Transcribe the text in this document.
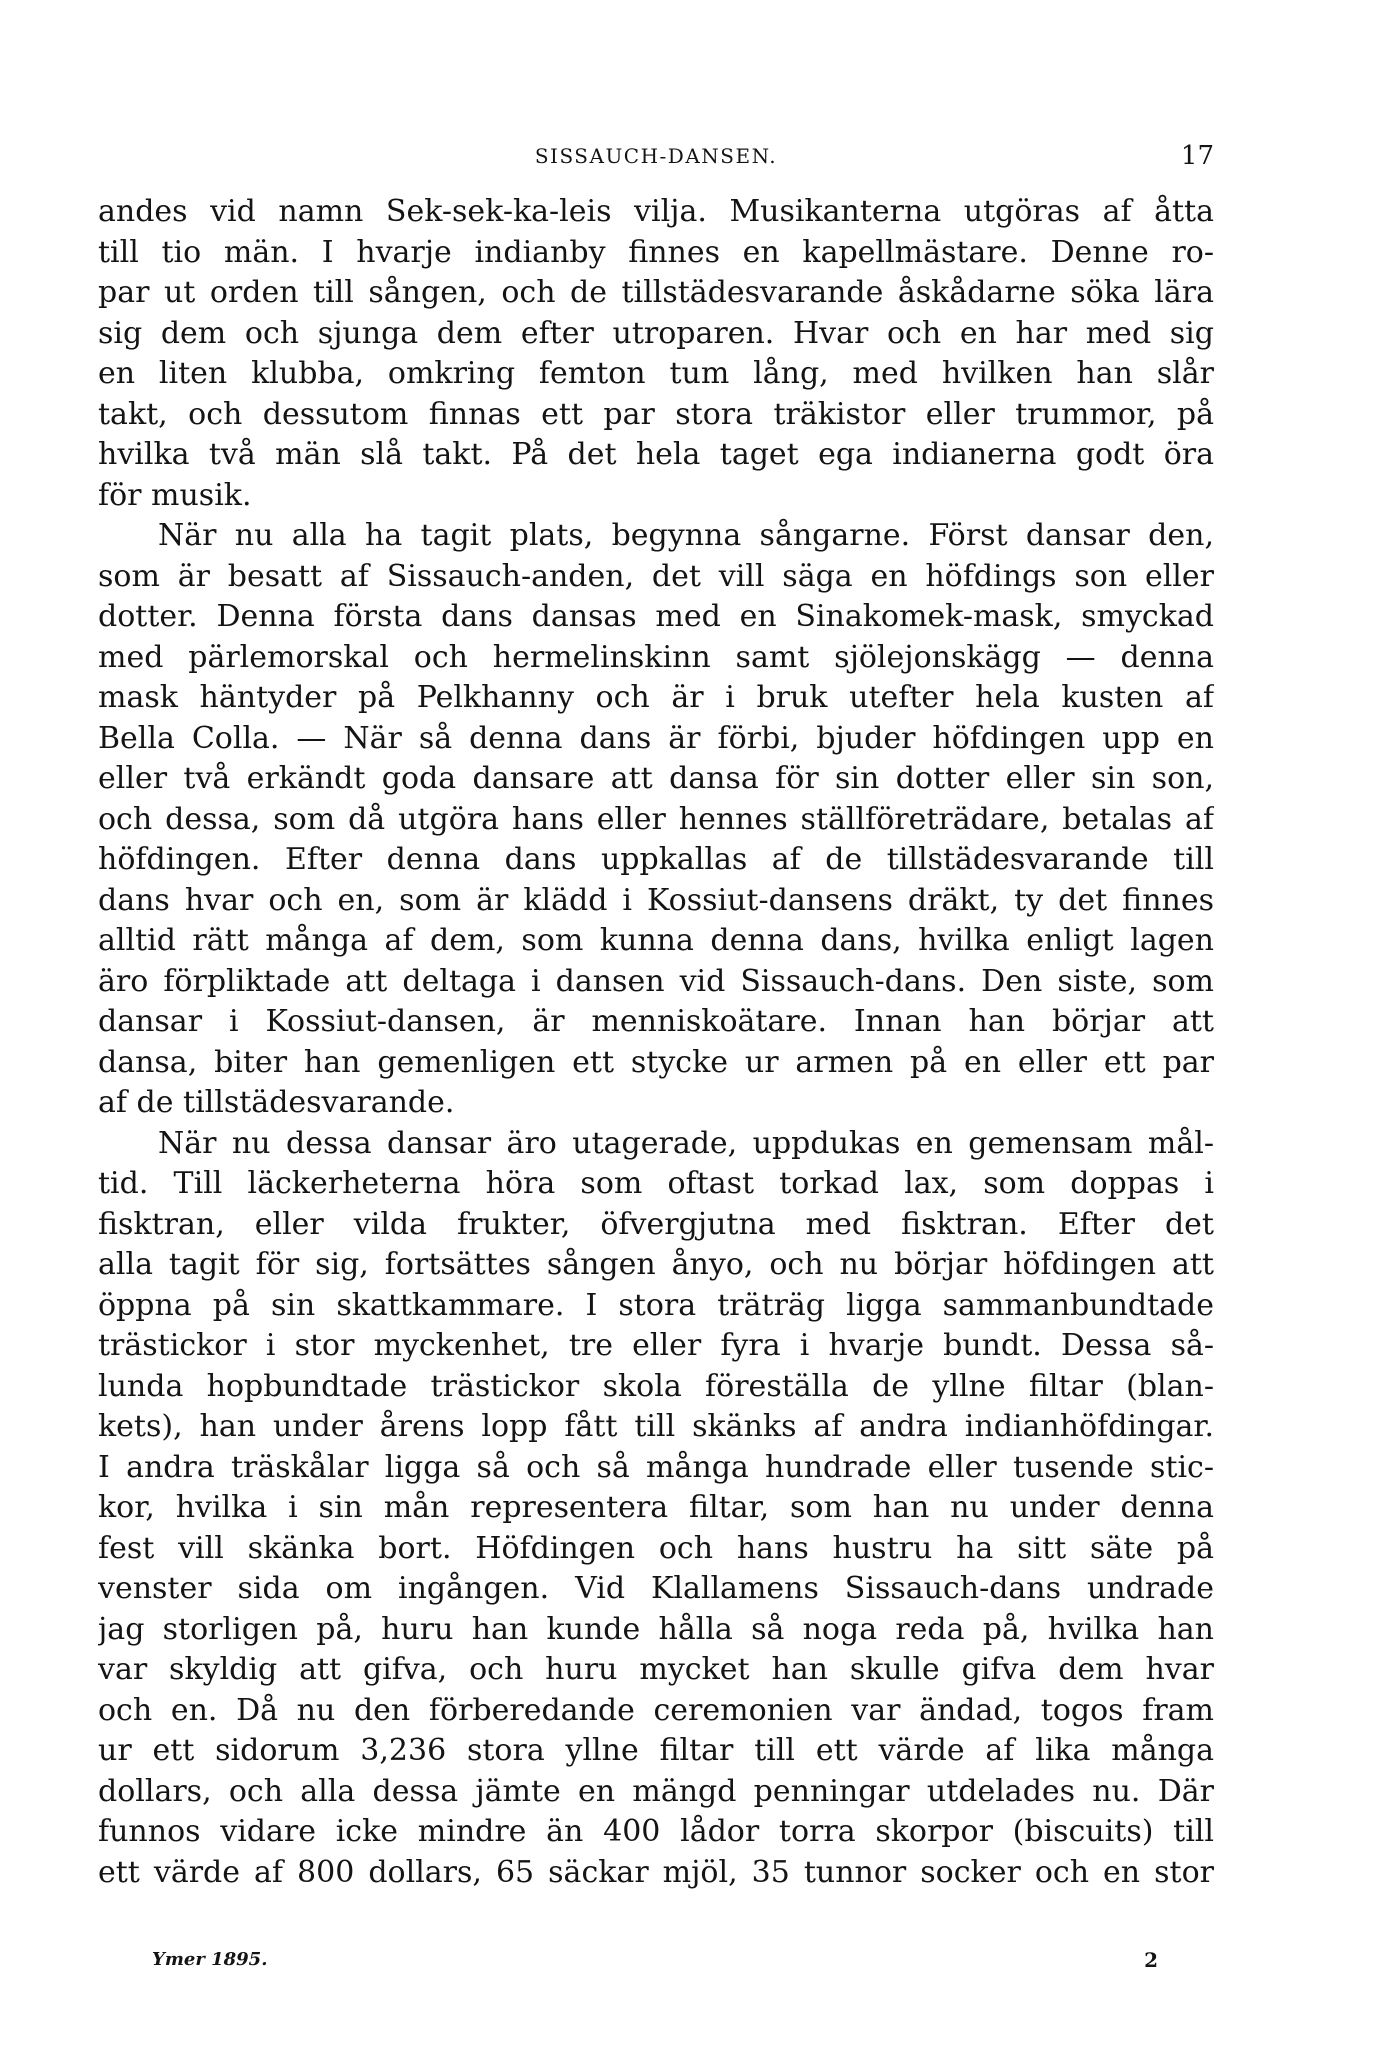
SISSAUCH-DANSEN.	17
andes vid namn Sek-sek-ka-leis vilja. Musikanterna utgöras af åtta
till tio män. I hvarje indianby finnes en kapellmästare. Denne ro-
par ut orden till sången, och de tillstädesvarande åskådarne söka lära
sig dem och sjunga dem efter utroparen. Hvar och en har med sig
en liten klubba, omkring femton tum lång, med hvilken han slår
takt, och dessutom finnas ett par stora träkistor eller trummor, på
hvilka två män slå takt. På det hela taget ega indianerna godt öra
för musik.
När nu alla ha tagit plats, begynna sångarne. Först dansar den,
som är besatt af Sissauch-anden, det vill säga en höfdings son eller
dotter. Denna första dans dansas med en Sinakomek-mask, smyckad
med pärlemorskal och hermelinskinn samt sjölejonskägg — denna
mask häntyder på Pelkhanny och är i bruk utefter hela kusten af
Bella Colla. — När så denna dans är förbi, bjuder höfdingen upp en
eller två erkändt goda dansare att dansa för sin dotter eller sin son,
och dessa, som då utgöra hans eller hennes ställföreträdare, betalas af
höfdingen. Efter denna dans uppkallas af de tillstädesvarande till
dans hvar och en, som är klädd i Kossiut-dansens dräkt, ty det finnes
alltid rätt många af dem, som kunna denna dans, hvilka enligt lagen
äro förpliktade att deltaga i dansen vid Sissauch-dans. Den siste, som
dansar i Kossiut-dansen, är menniskoätare. Innan han börjar att
dansa, biter han gemenligen ett stycke ur armen på en eller ett par
af de tillstädesvarande.
När nu dessa dansar äro utagerade, uppdukas en gemensam mål-
tid. Till läckerheterna höra som oftast torkad lax, som doppas i
fisktran, eller vilda frukter, öfvergjutna med fisktran. Efter det
alla tagit för sig, fortsättes sången ånyo, och nu börjar höfdingen att
öppna på sin skattkammare. I stora träträg ligga sammanbundtade
trästickor i stor myckenhet, tre eller fyra i hvarje bundt. Dessa så-
lunda hopbundtade trästickor skola föreställa de yllne filtar (blan-
kets), han under årens lopp fått till skänks af andra indianhöfdingar.
I andra träskålar ligga så och så många hundrade eller tusende stic-
kor, hvilka i sin mån representera filtar, som han nu under denna
fest vill skänka bort. Höfdingen och hans hustru ha sitt säte på
venster sida om ingången. Vid Klallamens Sissauch-dans undrade
jag storligen på, huru han kunde hålla så noga reda på, hvilka han
var skyldig att gifva, och huru mycket han skulle gifva dem hvar
och en. Då nu den förberedande ceremonien var ändad, togos fram
ur ett sidorum 3,236 stora yllne filtar till ett värde af lika många
dollars, och alla dessa jämte en mängd penningar utdelades nu. Där
funnos vidare icke mindre än 400 lådor torra skorpor (biscuits) till
ett värde af 800 dollars, 65 säckar mjöl, 35 tunnor socker och en stor
Ymer 1895.	2
